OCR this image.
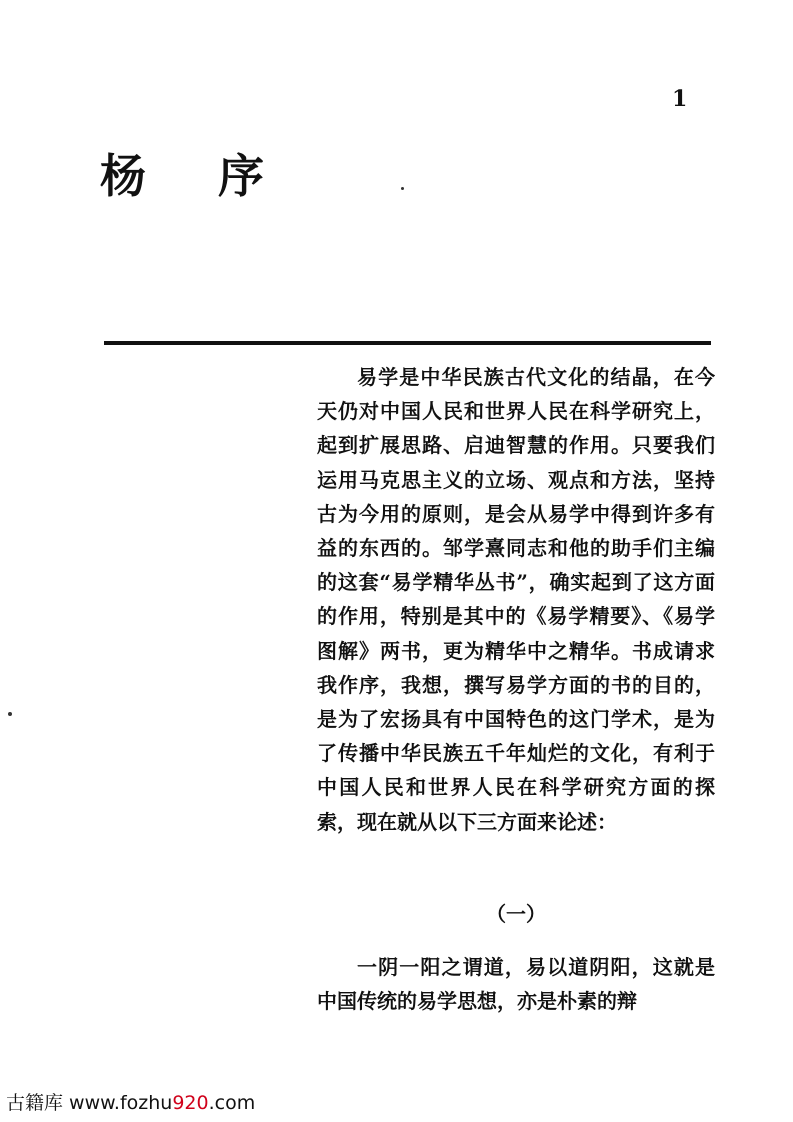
1
杨 序

易学是中华民族古代文化的结晶，在今天仍对中国人民和世界人民在科学研究上，起到扩展思路、启迪智慧的作用。只要我们运用马克思主义的立场、观点和方法，坚持古为今用的原则，是会从易学中得到许多有益的东西的。邹学熹同志和他的助手们主编的这套“易学精华丛书”，确实起到了这方面的作用，特别是其中的《易学精要》、《易学图解》两书，更为精华中之精华。书成请求我作序，我想，撰写易学方面的书的目的，是为了宏扬具有中国特色的这门学术，是为了传播中华民族五千年灿烂的文化，有利于中国人民和世界人民在科学研究方面的探索，现在就从以下三方面来论述：

（一）

一阴一阳之谓道，易以道阴阳，这就是中国传统的易学思想，亦是朴素的辩

古籍库 www.fozhu920.com
